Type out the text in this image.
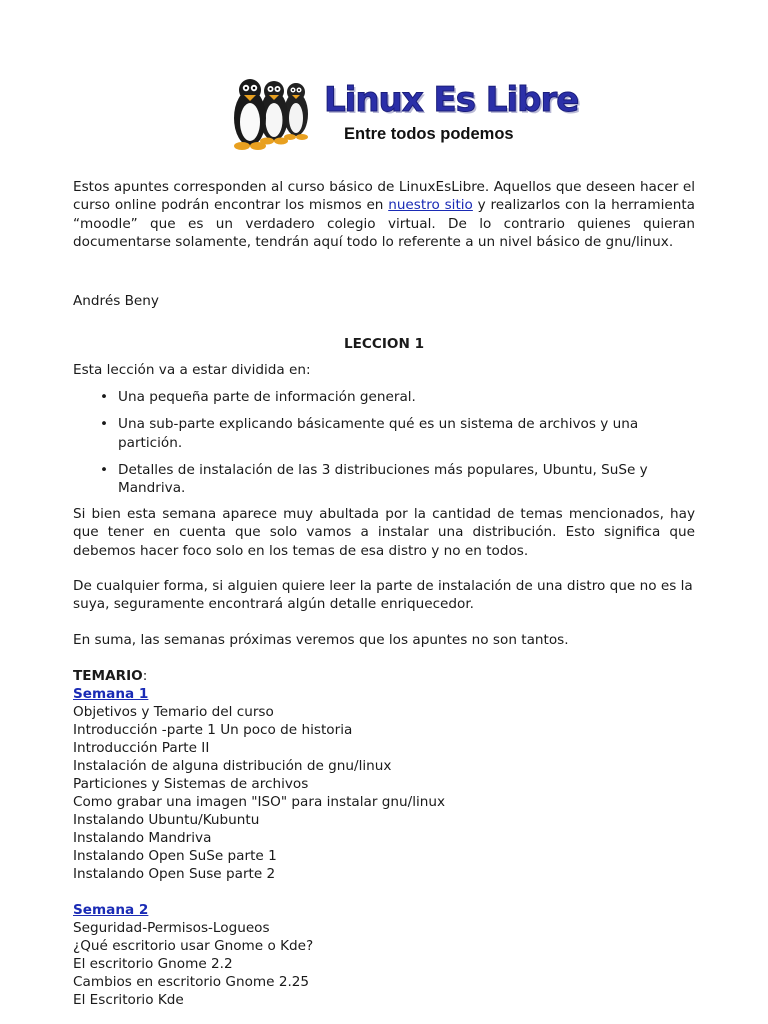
Linux Es Libre
Entre todos podemos

Estos apuntes corresponden al curso básico de LinuxEsLibre. Aquellos que deseen hacer el curso online podrán encontrar los mismos en nuestro sitio y realizarlos con la herramienta “moodle” que es un verdadero colegio virtual. De lo contrario quienes quieran documentarse solamente, tendrán aquí todo lo referente a un nivel básico de gnu/linux.

Andrés Beny

LECCION 1

Esta lección va a estar dividida en:

• Una pequeña parte de información general.
• Una sub-parte explicando básicamente qué es un sistema de archivos y una partición.
• Detalles de instalación de las 3 distribuciones más populares, Ubuntu, SuSe y Mandriva.

Si bien esta semana aparece muy abultada por la cantidad de temas mencionados, hay que tener en cuenta que solo vamos a instalar una distribución. Esto significa que debemos hacer foco solo en los temas de esa distro y no en todos.

De cualquier forma, si alguien quiere leer la parte de instalación de una distro que no es la suya, seguramente encontrará algún detalle enriquecedor.

En suma, las semanas próximas veremos que los apuntes no son tantos.

TEMARIO:
Semana 1
Objetivos y Temario del curso
Introducción -parte 1 Un poco de historia
Introducción Parte II
Instalación de alguna distribución de gnu/linux
Particiones y Sistemas de archivos
Como grabar una imagen "ISO" para instalar gnu/linux
Instalando Ubuntu/Kubuntu
Instalando Mandriva
Instalando Open SuSe parte 1
Instalando Open Suse parte 2
Semana 2
Seguridad-Permisos-Logueos
¿Qué escritorio usar Gnome o Kde?
El escritorio Gnome 2.2
Cambios en escritorio Gnome 2.25
El Escritorio Kde
